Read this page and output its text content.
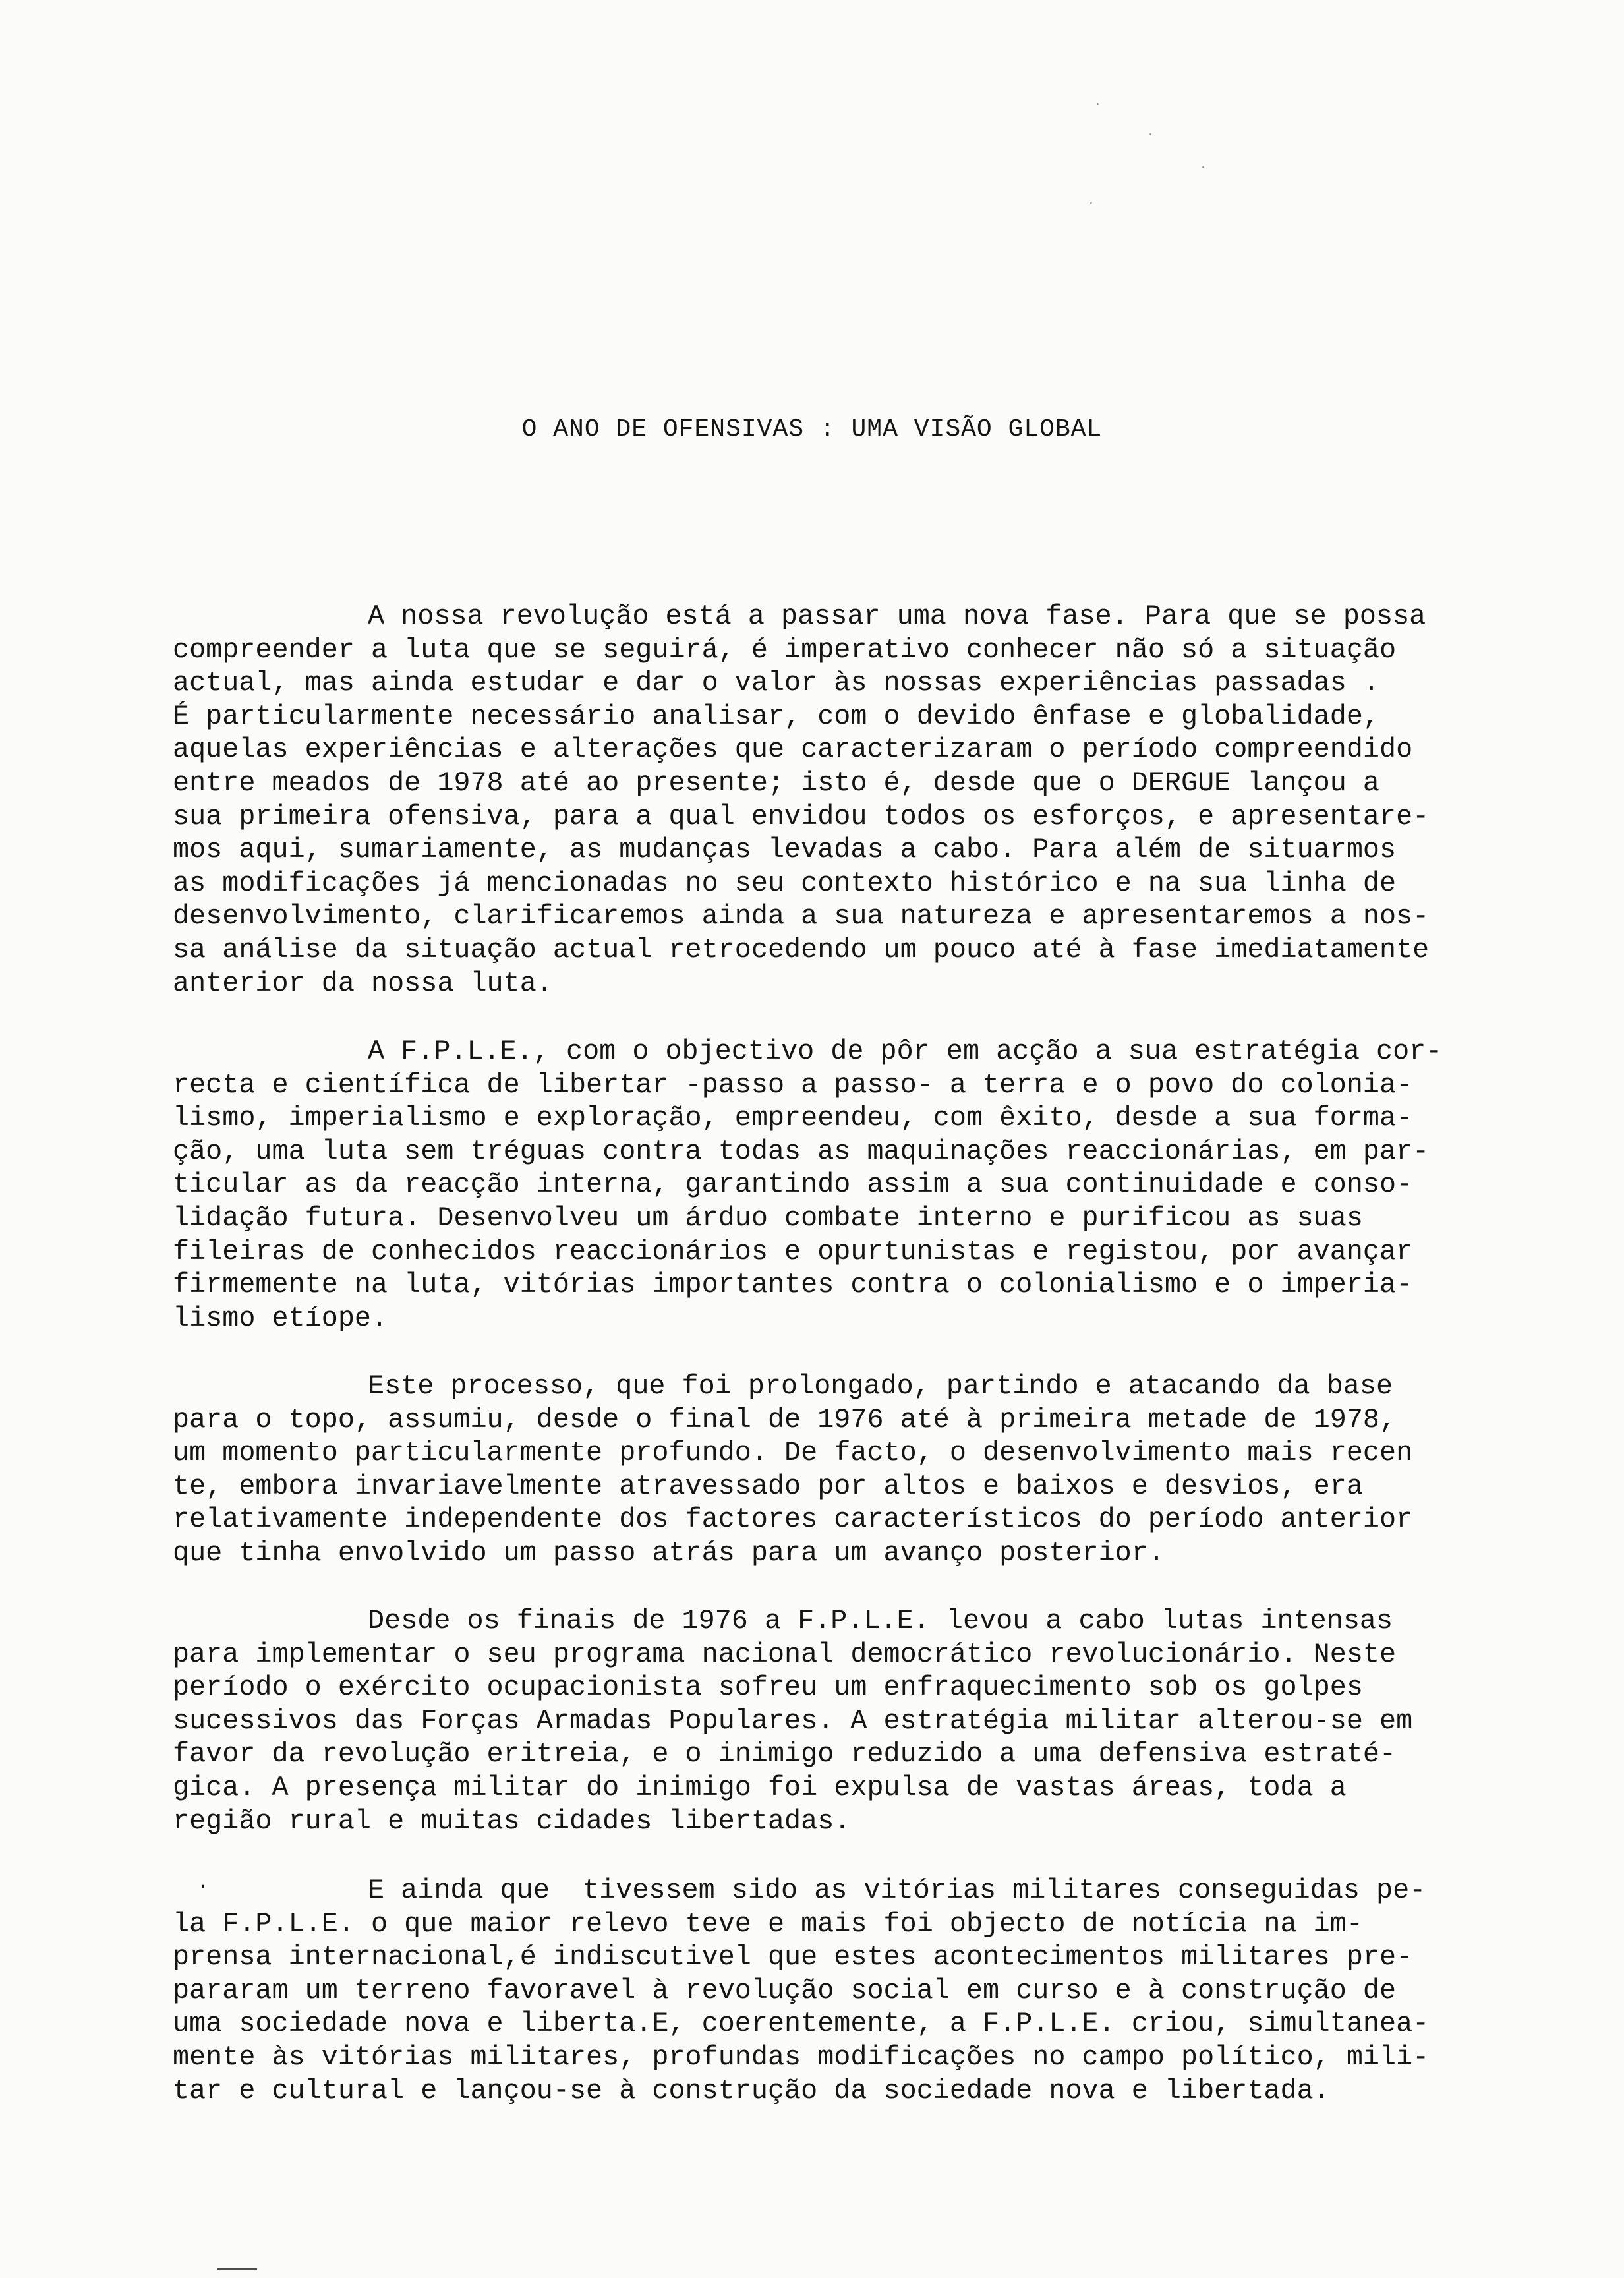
·
·
·
·
O ANO DE OFENSIVAS : UMA VISÃO GLOBAL
A nossa revolução está a passar uma nova fase. Para que se possa
compreender a luta que se seguirá, é imperativo conhecer não só a situação
actual, mas ainda estudar e dar o valor às nossas experiências passadas .
É particularmente necessário analisar, com o devido ênfase e globalidade,
aquelas experiências e alterações que caracterizaram o período compreendido
entre meados de 1978 até ao presente; isto é, desde que o DERGUE lançou a
sua primeira ofensiva, para a qual envidou todos os esforços, e apresentare-
mos aqui, sumariamente, as mudanças levadas a cabo. Para além de situarmos
as modificações já mencionadas no seu contexto histórico e na sua linha de
desenvolvimento, clarificaremos ainda a sua natureza e apresentaremos a nos-
sa análise da situação actual retrocedendo um pouco até à fase imediatamente
anterior da nossa luta.
A F.P.L.E., com o objectivo de pôr em acção a sua estratégia cor-
recta e científica de libertar -passo a passo- a terra e o povo do colonia-
lismo, imperialismo e exploração, empreendeu, com êxito, desde a sua forma-
ção, uma luta sem tréguas contra todas as maquinações reaccionárias, em par-
ticular as da reacção interna, garantindo assim a sua continuidade e conso-
lidação futura. Desenvolveu um árduo combate interno e purificou as suas
fileiras de conhecidos reaccionários e opurtunistas e registou, por avançar
firmemente na luta, vitórias importantes contra o colonialismo e o imperia-
lismo etíope.
Este processo, que foi prolongado, partindo e atacando da base
para o topo, assumiu, desde o final de 1976 até à primeira metade de 1978,
um momento particularmente profundo. De facto, o desenvolvimento mais recen
te, embora invariavelmente atravessado por altos e baixos e desvios, era
relativamente independente dos factores característicos do período anterior
que tinha envolvido um passo atrás para um avanço posterior.
Desde os finais de 1976 a F.P.L.E. levou a cabo lutas intensas
para implementar o seu programa nacional democrático revolucionário. Neste
período o exército ocupacionista sofreu um enfraquecimento sob os golpes
sucessivos das Forças Armadas Populares. A estratégia militar alterou-se em
favor da revolução eritreia, e o inimigo reduzido a uma defensiva estraté-
gica. A presença militar do inimigo foi expulsa de vastas áreas, toda a
região rural e muitas cidades libertadas.
·	E ainda que  tivessem sido as vitórias militares conseguidas pe-
la F.P.L.E. o que maior relevo teve e mais foi objecto de notícia na im-
prensa internacional,é indiscutivel que estes acontecimentos militares pre-
pararam um terreno favoravel à revolução social em curso e à construção de
uma sociedade nova e liberta.E, coerentemente, a F.P.L.E. criou, simultanea-
mente às vitórias militares, profundas modificações no campo político, mili-
tar e cultural e lançou-se à construção da sociedade nova e libertada.
